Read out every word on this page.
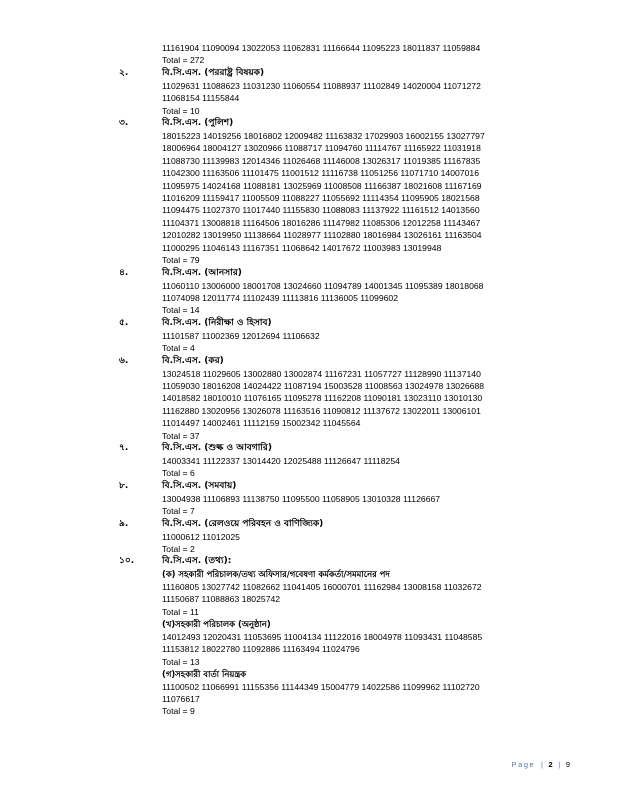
11161904 11090094 13022053 11062831 11166644 11095223 18011837 11059884
Total = 272
২.	বি.সি.এস. (পররাষ্ট্র বিষয়ক)
11029631 11088623 11031230 11060554 11088937 11102849 14020004 11071272
11068154 11155844
Total = 10
৩.	বি.সি.এস. (পুলিশ)
18015223 14019256 18016802 12009482 11163832 17029903 16002155 13027797
18006964 18004127 13020966 11088717 11094760 11114767 11165922 11031918
11088730 11139983 12014346 11026468 11146008 13026317 11019385 11167835
11042300 11163506 11101475 11001512 11116738 11051256 11071710 14007016
11095975 14024168 11088181 13025969 11008508 11166387 18021608 11167169
11016209 11159417 11005509 11088227 11055692 11114354 11095905 18021568
11094475 11027370 11017440 11155830 11088083 11137922 11161512 14013560
11104371 13008818 11164506 18016286 11147982 11085306 12012258 11143467
12010282 13019950 11138664 11028977 11102880 18016984 13026161 11163504
11000295 11046143 11167351 11068642 14017672 11003983 13019948
Total = 79
৪.	বি.সি.এস. (আনসার)
11060110 13006000 18001708 13024660 11094789 14001345 11095389 18018068
11074098 12011774 11102439 11113816 11136005 11099602
Total = 14
৫.	বি.সি.এস. (নিরীক্ষা ও হিসাব)
11101587 11002369 12012694 11106632
Total = 4
৬.	বি.সি.এস. (কর)
13024518 11029605 13002880 13002874 11167231 11057727 11128990 11137140
11059030 18016208 14024422 11087194 15003528 11008563 13024978 13026688
14018582 18010010 11076165 11095278 11162208 11090181 13023110 13010130
11162880 13020956 13026078 11163516 11090812 11137672 13022011 13006101
11014497 14002461 11112159 15002342 11045564
Total = 37
৭.	বি.সি.এস. (শুল্ক ও আবগারি)
14003341 11122337 13014420 12025488 11126647 11118254
Total = 6
৮.	বি.সি.এস. (সমবায়)
13004938 11106893 11138750 11095500 11058905 13010328 11126667
Total = 7
৯.	বি.সি.এস. (রেলওয়ে পরিবহন ও বাণিজ্যিক)
11000612 11012025
Total = 2
১০.	বি.সি.এস. (তথ্য):
(ক) সহকারী পরিচালক/তথ্য অফিসার/গবেষণা কর্মকর্তা/সমমানের পদ
11160805 13027742 11082662 11041405 16000701 11162984 13008158 11032672
11150687 11088863 18025742
Total = 11
(খ)সহকারী পরিচালক (অনুষ্ঠান)
14012493 12020431 11053695 11004134 11122016 18004978 11093431 11048585
11153812 18022780 11092886 11163494 11024796
Total = 13
(গ)সহকারী বার্তা নিয়ন্ত্রক
11100502 11066991 11155356 11144349 15004779 14022586 11099962 11102720
11076617
Total = 9
Page | 2 | 9
